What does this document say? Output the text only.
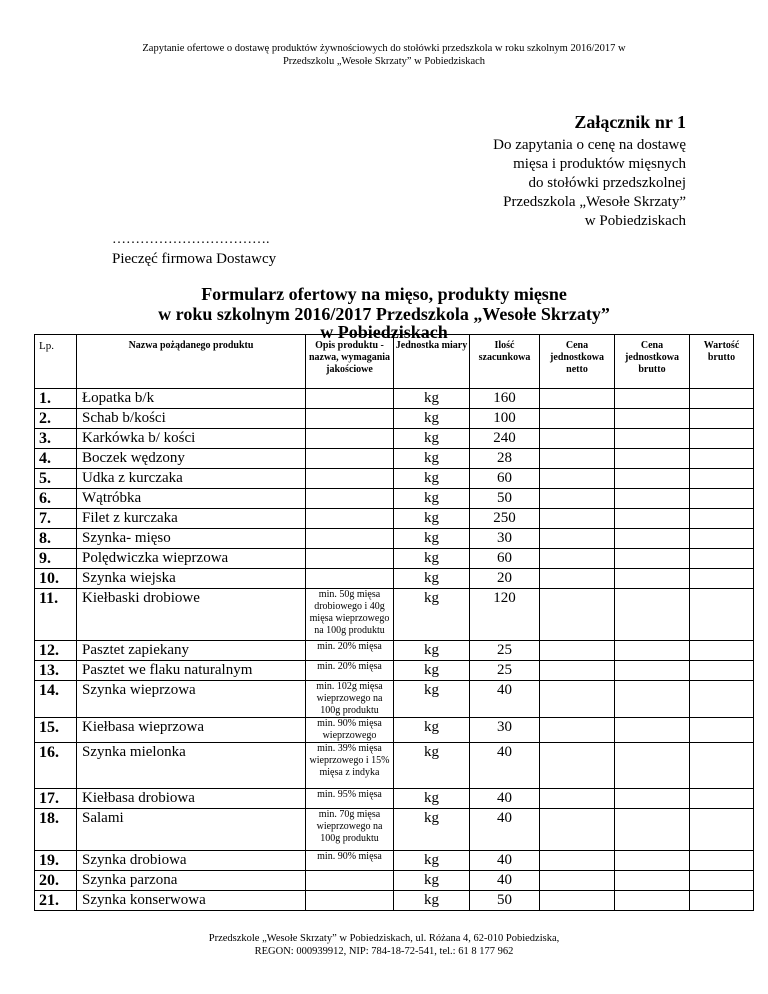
Zapytanie ofertowe o dostawę produktów żywnościowych do stołówki przedszkola w roku szkolnym 2016/2017 w
Przedszkolu „Wesołe Skrzaty” w Pobiedziskach
Załącznik nr 1
Do zapytania o cenę na dostawę
mięsa i produktów mięsnych
do stołówki przedszkolnej
Przedszkola „Wesołe Skrzaty”
w Pobiedziskach
…………………………….
Pieczęć firmowa Dostawcy
Formularz ofertowy na mięso, produkty mięsne
w roku szkolnym 2016/2017 Przedszkola „Wesołe Skrzaty”
w Pobiedziskach
Lp.	Nazwa pożądanego produktu	Opis produktu - nazwa, wymagania jakościowe	Jednostka miary	Ilość szacunkowa	Cena jednostkowa netto	Cena jednostkowa brutto	Wartość brutto
1.	Łopatka b/k		kg	160			
2.	Schab b/kości		kg	100			
3.	Karkówka b/ kości		kg	240			
4.	Boczek wędzony		kg	28			
5.	Udka z kurczaka		kg	60			
6.	Wątróbka		kg	50			
7.	Filet z kurczaka		kg	250			
8.	Szynka- mięso		kg	30			
9.	Polędwiczka wieprzowa		kg	60			
10.	Szynka wiejska		kg	20			
11.	Kiełbaski drobiowe	min. 50g mięsa drobiowego i 40g mięsa wieprzowego na 100g produktu	kg	120			
12.	Pasztet zapiekany	min. 20% mięsa	kg	25			
13.	Pasztet we flaku naturalnym	min. 20% mięsa	kg	25			
14.	Szynka wieprzowa	min. 102g mięsa wieprzowego na 100g produktu	kg	40			
15.	Kiełbasa wieprzowa	min. 90% mięsa wieprzowego	kg	30			
16.	Szynka mielonka	min. 39% mięsa wieprzowego i 15% mięsa z indyka	kg	40			
17.	Kiełbasa drobiowa	min. 95% mięsa	kg	40			
18.	Salami	min. 70g mięsa wieprzowego na 100g produktu	kg	40			
19.	Szynka drobiowa	min. 90% mięsa	kg	40			
20.	Szynka parzona		kg	40			
21.	Szynka konserwowa		kg	50			
Przedszkole „Wesołe Skrzaty” w Pobiedziskach, ul. Różana 4, 62-010 Pobiedziska,
REGON: 000939912, NIP: 784-18-72-541, tel.: 61 8 177 962
